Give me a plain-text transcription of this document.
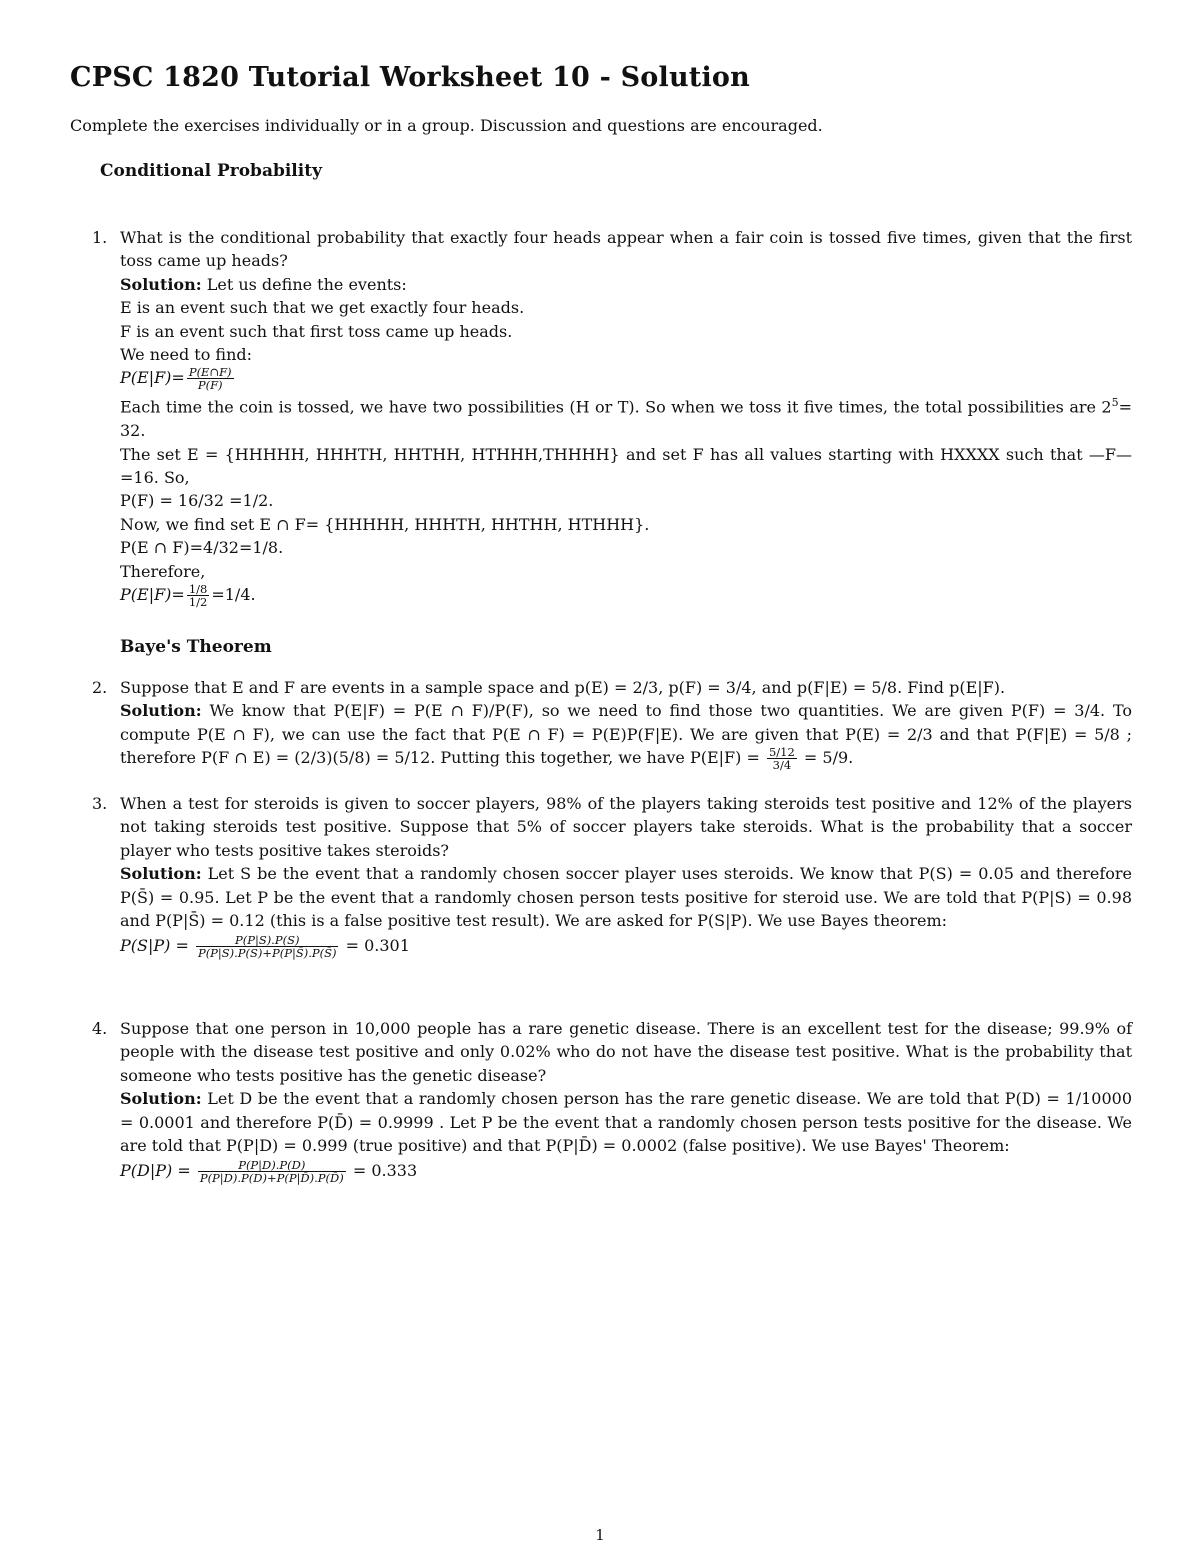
CPSC 1820 Tutorial Worksheet 10 - Solution
Complete the exercises individually or in a group. Discussion and questions are encouraged.
Conditional Probability
1. What is the conditional probability that exactly four heads appear when a fair coin is tossed five times, given that the first toss came up heads?
Solution: Let us define the events:
E is an event such that we get exactly four heads.
F is an event such that first toss came up heads.
We need to find:
$P(E|F)= \frac{P(E\cap F)}{P(F)}$
Each time the coin is tossed, we have two possibilities (H or T). So when we toss it five times, the total possibilities are $2^5= 32$.
The set E = {HHHHH, HHHTH, HHTHH, HTHHH,THHHH} and set F has all values starting with HXXXX such that —F—=16. So,
P(F) = 16/32 =1/2.
Now, we find set E ∩ F= {HHHHH, HHHTH, HHTHH, HTHHH}.
P(E ∩ F)=4/32=1/8.
Therefore,
$P(E|F)= \frac{1/8}{1/2} =1/4$.
Baye's Theorem
2. Suppose that E and F are events in a sample space and p(E) = 2/3, p(F) = 3/4, and p(F|E) = 5/8. Find p(E|F).
Solution: We know that P(E|F) = P(E ∩ F)/P(F), so we need to find those two quantities. We are given P(F) = 3/4. To compute P(E ∩ F), we can use the fact that P(E ∩ F) = P(E)P(F|E). We are given that P(E) = 2/3 and that P(F|E) = 5/8 ; therefore P(F ∩ E) = (2/3)(5/8) = 5/12. Putting this together, we have $P(E|F) = \frac{5/12}{3/4} = 5/9$.
3. When a test for steroids is given to soccer players, 98% of the players taking steroids test positive and 12% of the players not taking steroids test positive. Suppose that 5% of soccer players take steroids. What is the probability that a soccer player who tests positive takes steroids?
Solution: Let S be the event that a randomly chosen soccer player uses steroids. We know that P(S) = 0.05 and therefore P(S̄) = 0.95. Let P be the event that a randomly chosen person tests positive for steroid use. We are told that P(P|S) = 0.98 and P(P|S̄) = 0.12 (this is a false positive test result). We are asked for P(S|P). We use Bayes theorem:
$P(S|P) = \frac{P(P|S).P(S)}{P(P|S).P(S)+P(P|S̄).P(S̄)} = 0.301$
4. Suppose that one person in 10,000 people has a rare genetic disease. There is an excellent test for the disease; 99.9% of people with the disease test positive and only 0.02% who do not have the disease test positive. What is the probability that someone who tests positive has the genetic disease?
Solution: Let D be the event that a randomly chosen person has the rare genetic disease. We are told that P(D) = 1/10000 = 0.0001 and therefore P(D̄) = 0.9999 . Let P be the event that a randomly chosen person tests positive for the disease. We are told that P(P|D) = 0.999 (true positive) and that P(P|D̄) = 0.0002 (false positive). We use Bayes' Theorem:
$P(D|P) = \frac{P(P|D).P(D)}{P(P|D).P(D)+P(P|D̄).P(D̄)} = 0.333$
1
